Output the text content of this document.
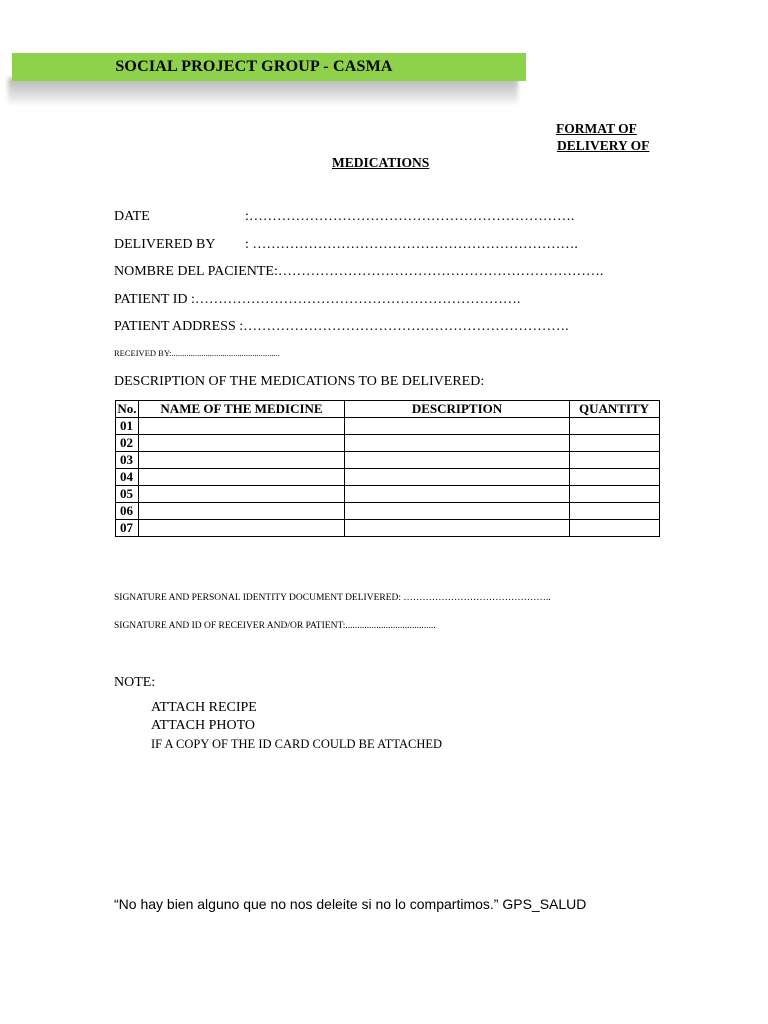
SOCIAL PROJECT GROUP - CASMA
FORMAT OF
DELIVERY OF
MEDICATIONS
DATE	:…………………………………………………………….
DELIVERED BY : …………………………………………………………….
NOMBRE DEL PACIENTE:…………………………………………………………….
PATIENT ID :…………………………………………………………….
PATIENT ADDRESS :…………………………………………………………….
RECEIVED BY:...................................................
DESCRIPTION OF THE MEDICATIONS TO BE DELIVERED:
No.	NAME OF THE MEDICINE	DESCRIPTION	QUANTITY
01			
02			
03			
04			
05			
06			
07			
SIGNATURE AND PERSONAL IDENTITY DOCUMENT DELIVERED: ………………………………………..
SIGNATURE AND ID OF RECEIVER AND/OR PATIENT:......................................
NOTE:
ATTACH RECIPE
ATTACH PHOTO
IF A COPY OF THE ID CARD COULD BE ATTACHED
“No hay bien alguno que no nos deleite si no lo compartimos.” GPS_SALUD
